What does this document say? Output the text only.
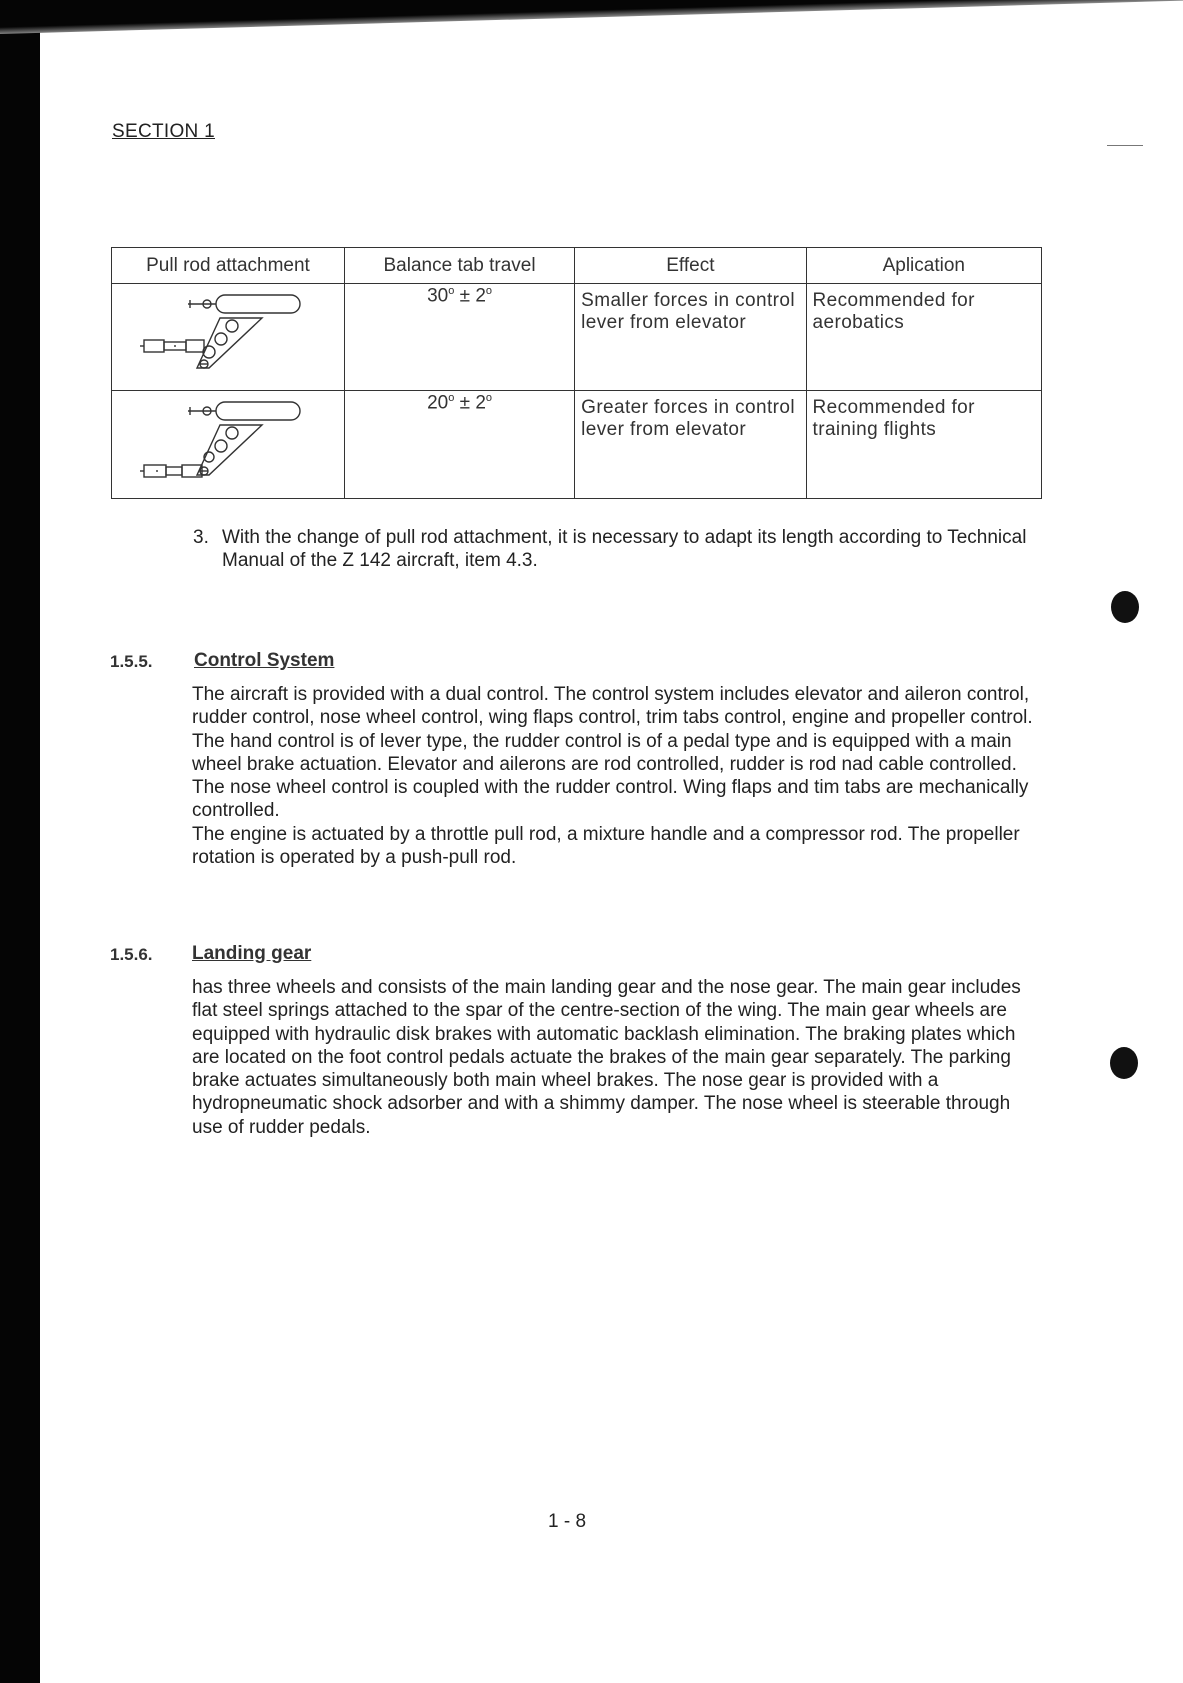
SECTION 1
Pull rod attachment	Balance tab travel	Effect	Aplication

	$30^o \pm 2^o$	Smaller forces in control lever from elevator	Recommended for aerobatics

	$20^o \pm 2^o$	Greater forces in control lever from elevator	Recommended for training flights
3. With the change of pull rod attachment, it is necessary to adapt its length according to Technical Manual of the Z 142 aircraft, item 4.3.
1.5.5. Control System
The aircraft is provided with a dual control. The control system includes elevator and aileron control, rudder control, nose wheel control, wing flaps control, trim tabs control, engine and propeller control. The hand control is of lever type, the rudder control is of a pedal type and is equipped with a main wheel brake actuation. Elevator and ailerons are rod controlled, rudder is rod nad cable controlled. The nose wheel control is coupled with the rudder control. Wing flaps and tim tabs are mechanically controlled.
The engine is actuated by a throttle pull rod, a mixture handle and a compressor rod. The propeller rotation is operated by a push-pull rod.
1.5.6. Landing gear
has three wheels and consists of the main landing gear and the nose gear. The main gear includes flat steel springs attached to the spar of the centre-section of the wing. The main gear wheels are equipped with hydraulic disk brakes with automatic backlash elimination. The braking plates which are located on the foot control pedals actuate the brakes of the main gear separately. The parking brake actuates simultaneously both main wheel brakes. The nose gear is provided with a hydropneumatic shock adsorber and with a shimmy damper. The nose wheel is steerable through use of rudder pedals.
1 - 8
